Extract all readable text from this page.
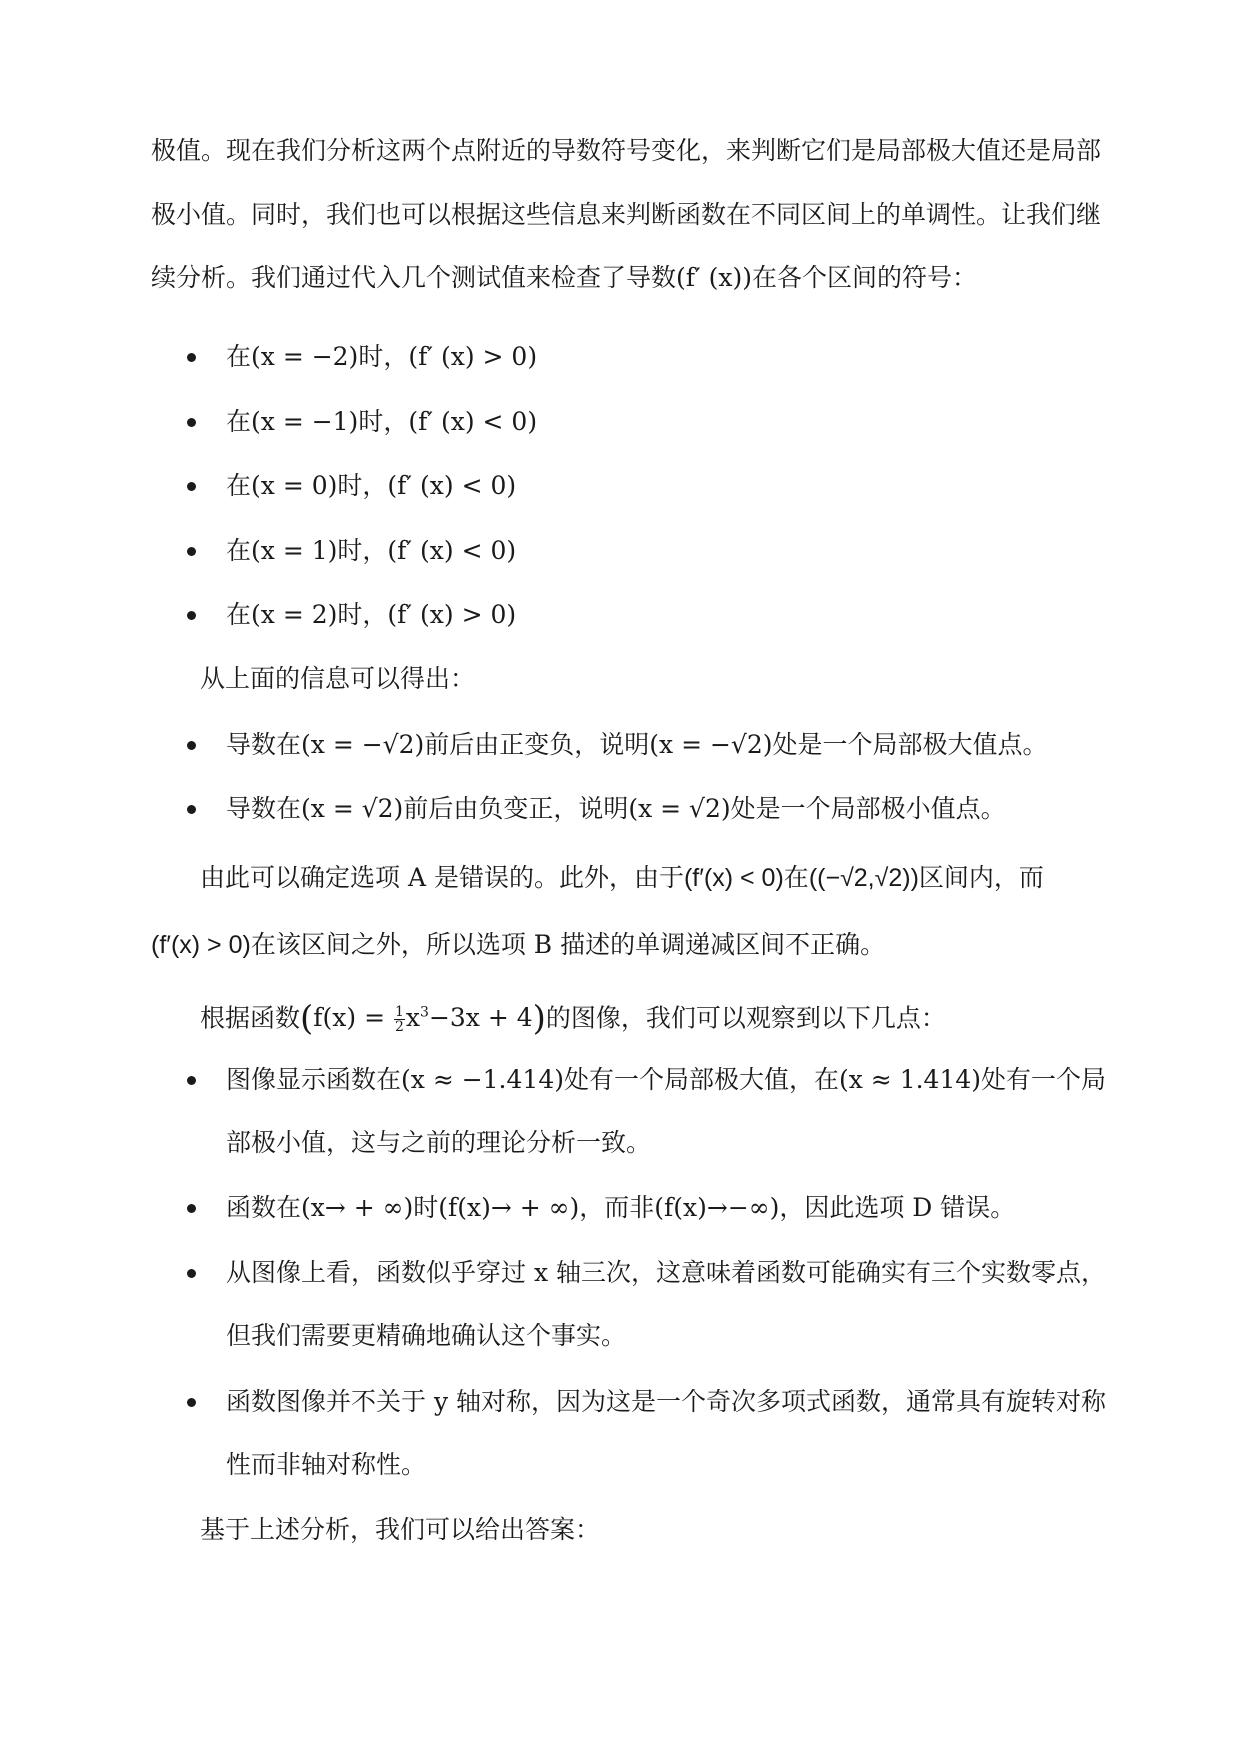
极值。现在我们分析这两个点附近的导数符号变化，来判断它们是局部极大值还是局部
极小值。同时，我们也可以根据这些信息来判断函数在不同区间上的单调性。让我们继
续分析。我们通过代入几个测试值来检查了导数(f′ (x))在各个区间的符号：
在(x = −2)时，(f′ (x) > 0)
在(x = −1)时，(f′ (x) < 0)
在(x = 0)时，(f′ (x) < 0)
在(x = 1)时，(f′ (x) < 0)
在(x = 2)时，(f′ (x) > 0)
从上面的信息可以得出：
导数在(x = −√2)前后由正变负，说明(x = −√2)处是一个局部极大值点。
导数在(x = √2)前后由负变正，说明(x = √2)处是一个局部极小值点。
由此可以确定选项 A 是错误的。此外，由于(f′(x) < 0)在((−√2,√2))区间内，而
(f′(x) > 0)在该区间之外，所以选项 B 描述的单调递减区间不正确。
根据函数$(f(x) = \frac{1}{2} x^3-3x + 4)$的图像，我们可以观察到以下几点：
图像显示函数在(x ≈ −1.414)处有一个局部极大值，在(x ≈ 1.414)处有一个局
部极小值，这与之前的理论分析一致。
函数在(x→ + ∞)时(f(x)→ + ∞)，而非(f(x)→−∞)，因此选项 D 错误。
从图像上看，函数似乎穿过 x 轴三次，这意味着函数可能确实有三个实数零点，
但我们需要更精确地确认这个事实。
函数图像并不关于 y 轴对称，因为这是一个奇次多项式函数，通常具有旋转对称
性而非轴对称性。
基于上述分析，我们可以给出答案：
